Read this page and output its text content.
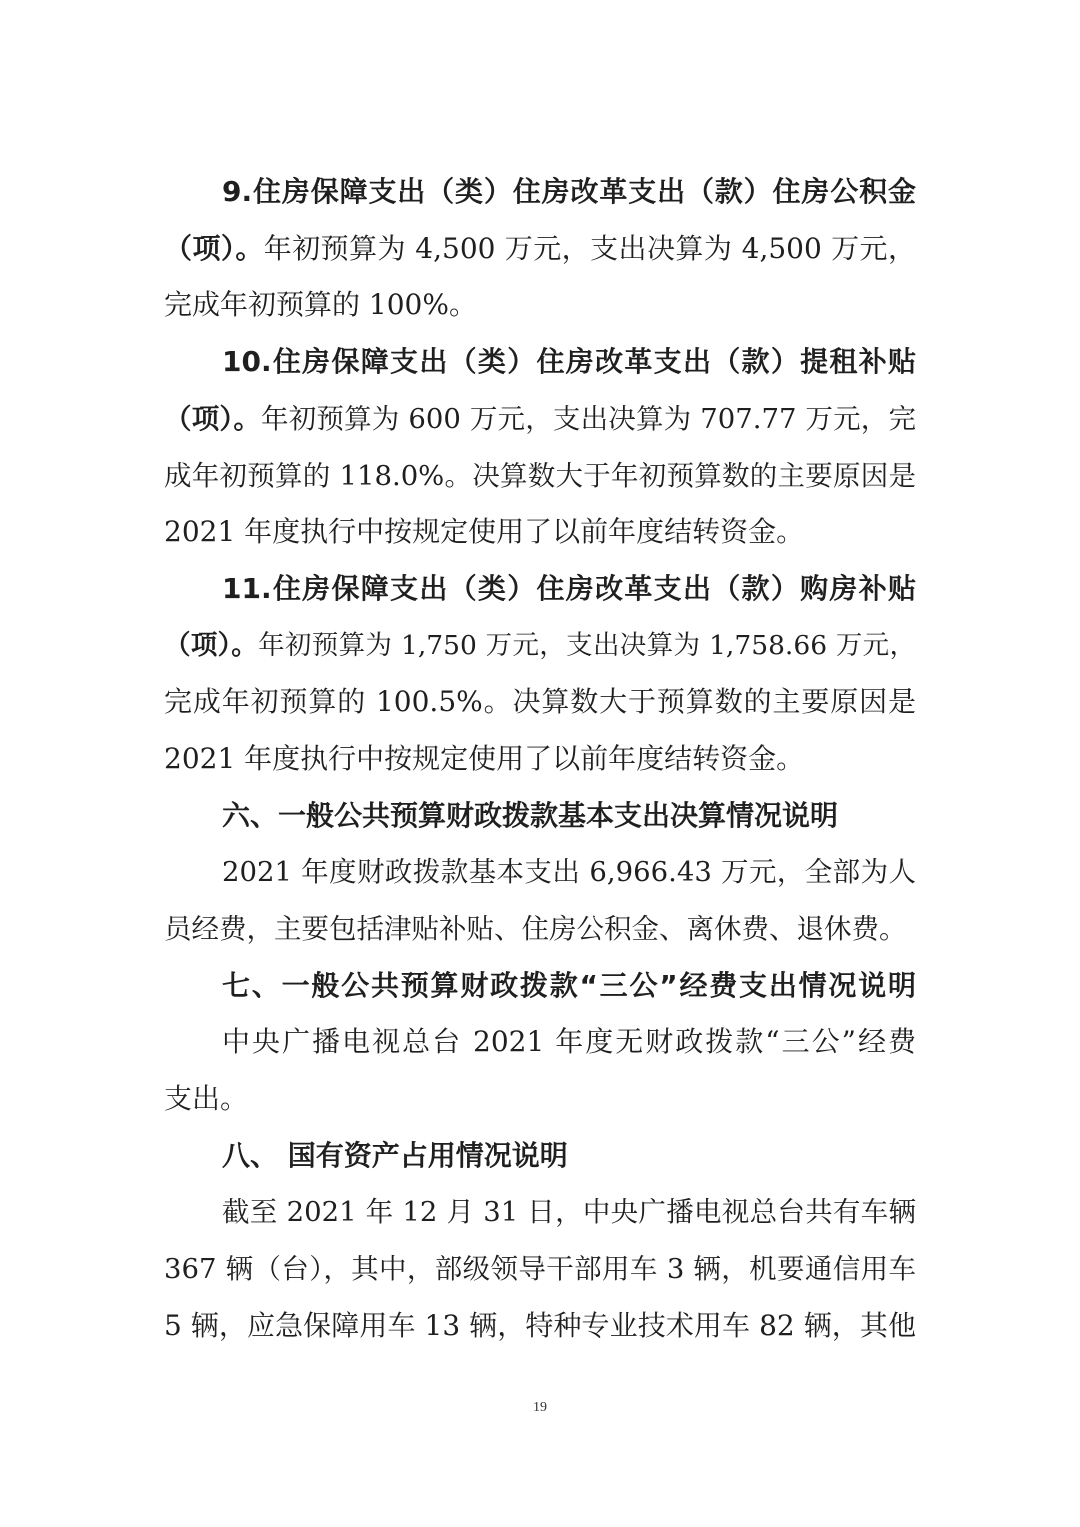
9.住房保障支出（类）住房改革支出（款）住房公积金
（项）。年初预算为 4,500 万元，支出决算为 4,500 万元，
完成年初预算的 100%。
10.住房保障支出（类）住房改革支出（款）提租补贴
（项）。年初预算为 600 万元，支出决算为 707.77 万元，完
成年初预算的 118.0%。决算数大于年初预算数的主要原因是
2021 年度执行中按规定使用了以前年度结转资金。
11.住房保障支出（类）住房改革支出（款）购房补贴
（项）。年初预算为 1,750 万元，支出决算为 1,758.66 万元，
完成年初预算的 100.5%。决算数大于预算数的主要原因是
2021 年度执行中按规定使用了以前年度结转资金。
六、一般公共预算财政拨款基本支出决算情况说明
2021 年度财政拨款基本支出 6,966.43 万元，全部为人
员经费，主要包括津贴补贴、住房公积金、离休费、退休费。
七、一般公共预算财政拨款“三公”经费支出情况说明
中央广播电视总台 2021 年度无财政拨款“三公”经费
支出。
八、 国有资产占用情况说明
截至 2021 年 12 月 31 日，中央广播电视总台共有车辆
367 辆（台），其中，部级领导干部用车 3 辆，机要通信用车
5 辆，应急保障用车 13 辆，特种专业技术用车 82 辆，其他
19
